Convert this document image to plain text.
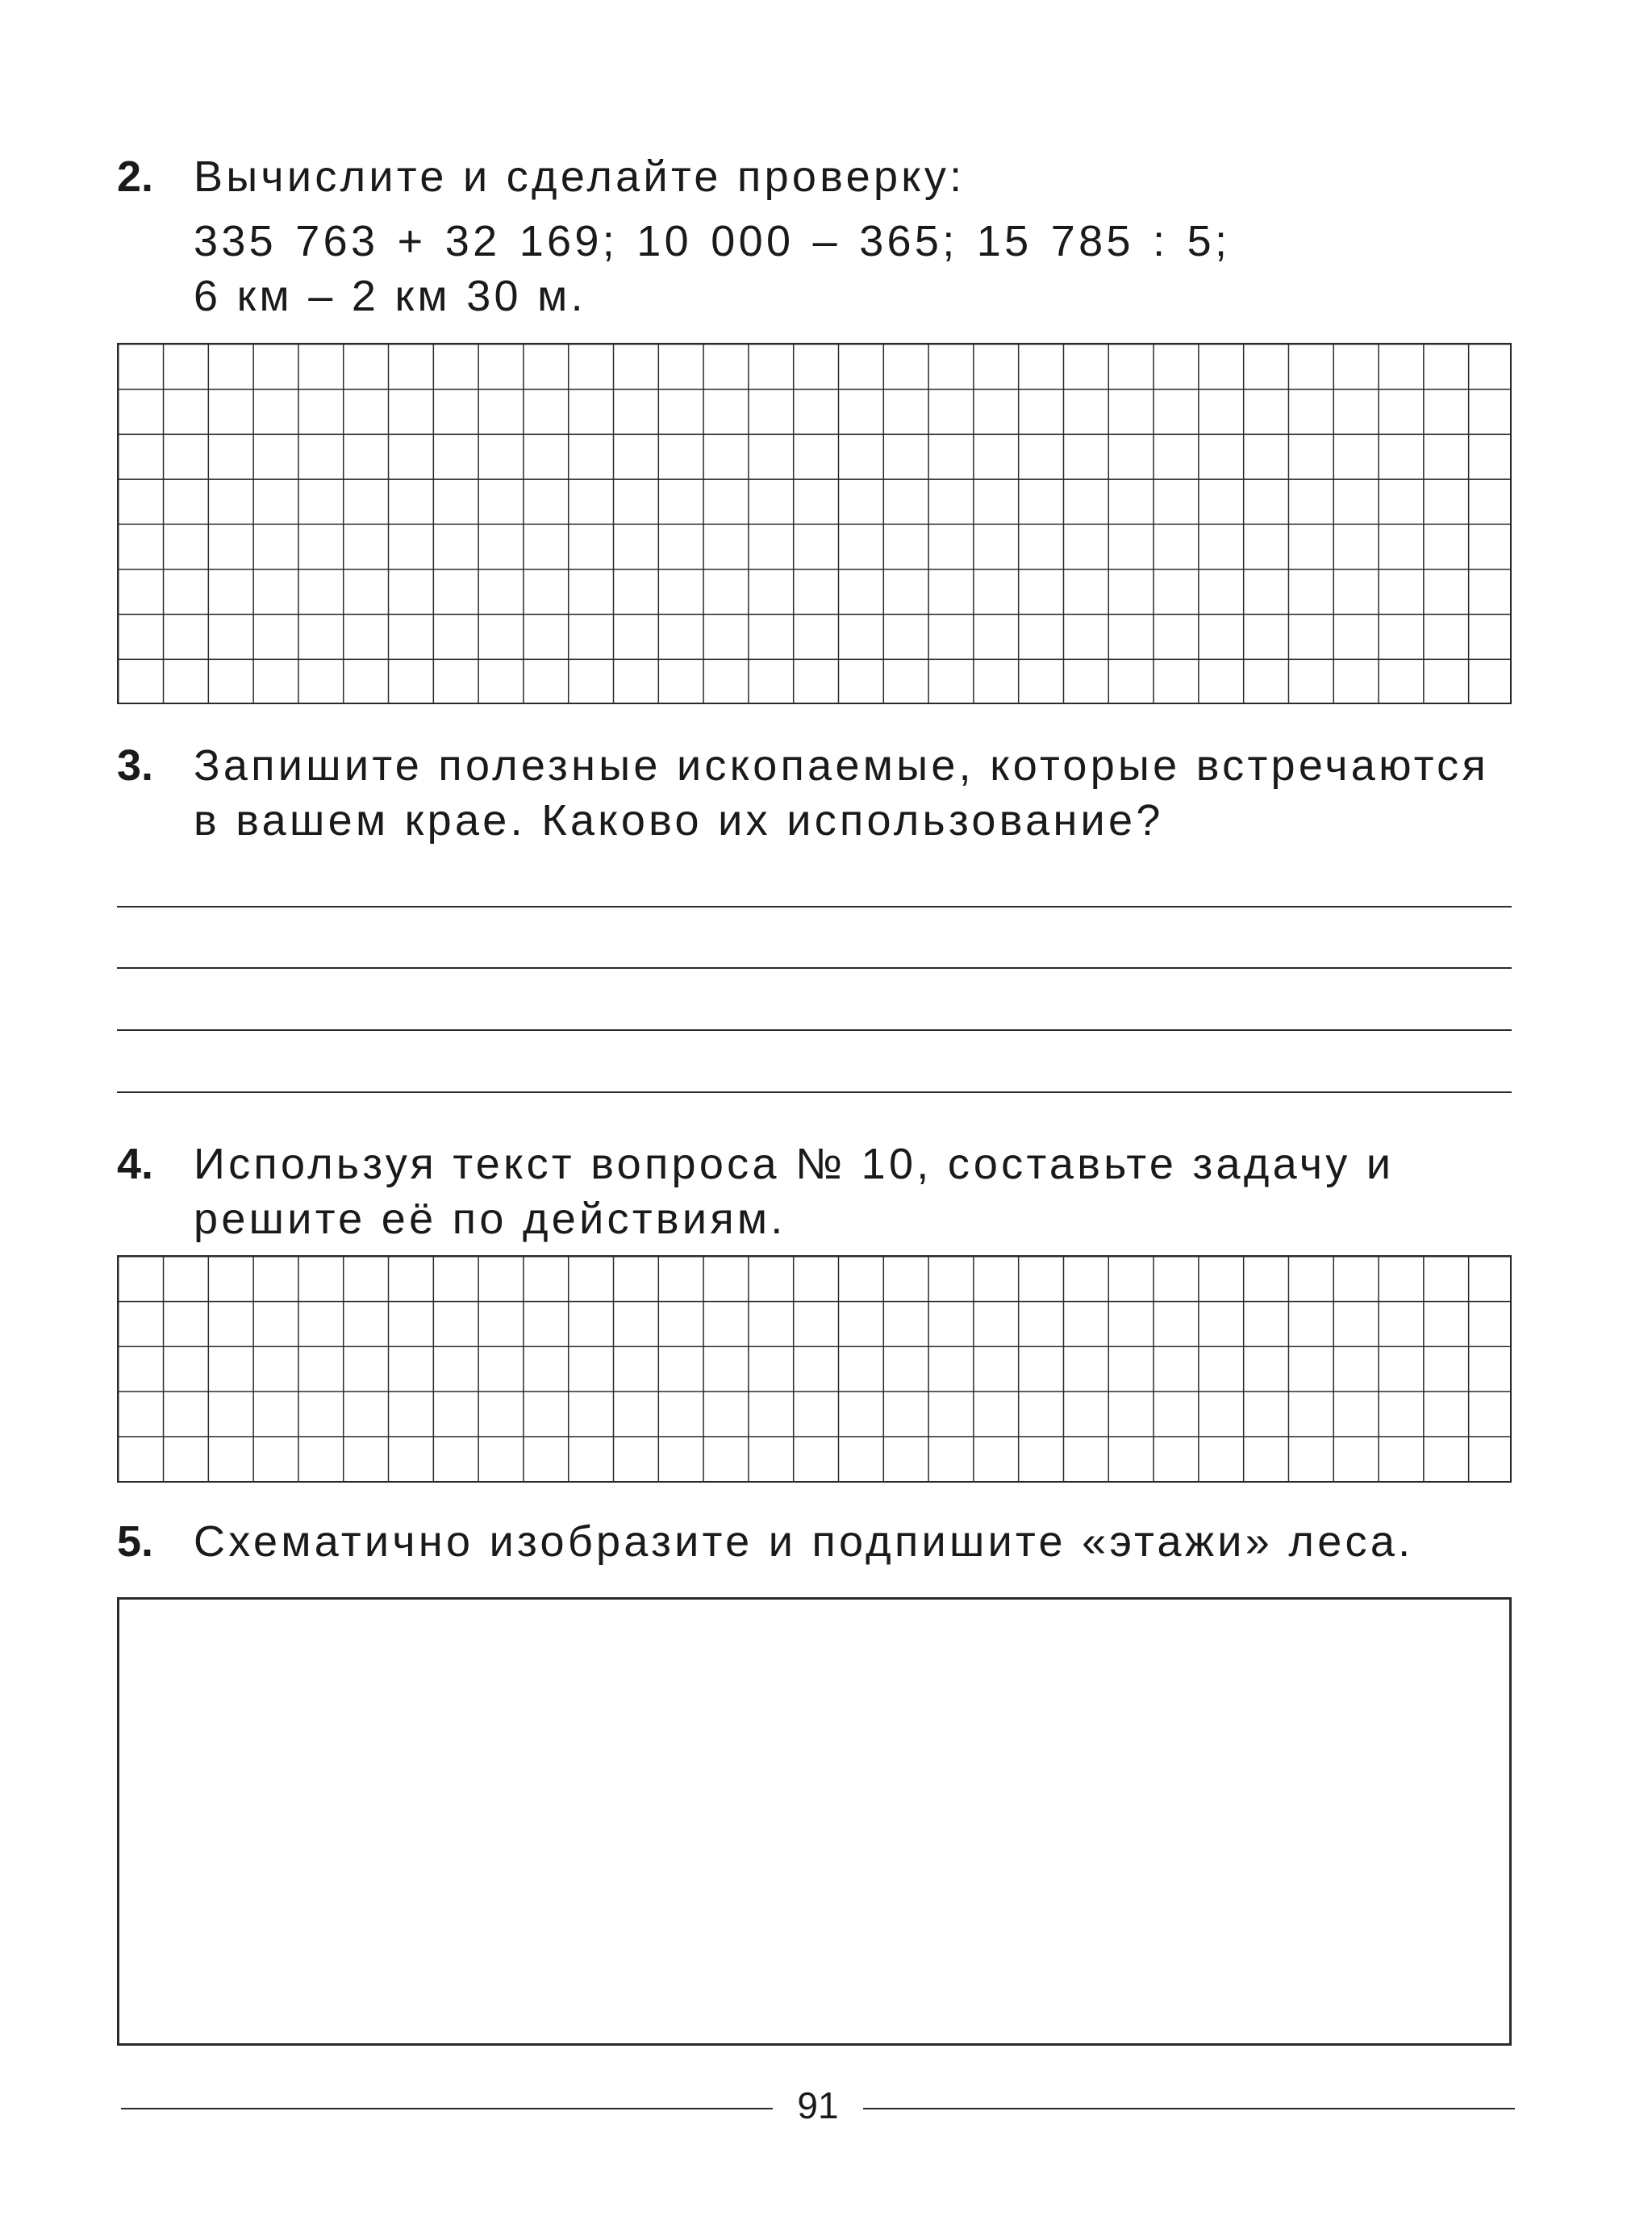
2. Вычислите и сделайте проверку:
335 763 + 32 169; 10 000 – 365; 15 785 : 5;
6 км – 2 км 30 м.
3. Запишите полезные ископаемые, которые встречаются
в вашем крае. Каково их использование?
4. Используя текст вопроса № 10, составьте задачу и
решите её по действиям.
5. Схематично изобразите и подпишите «этажи» леса.
91
